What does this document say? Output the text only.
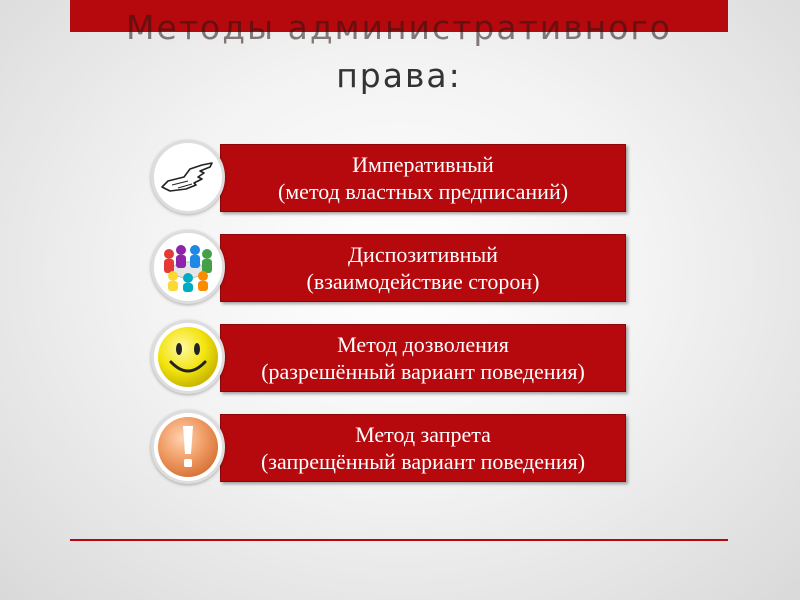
Методы административного
права:
Императивный
(метод властных предписаний)
Диспозитивный
(взаимодействие сторон)
Метод дозволения
(разрешённый вариант поведения)
Метод запрета
(запрещённый вариант поведения)
